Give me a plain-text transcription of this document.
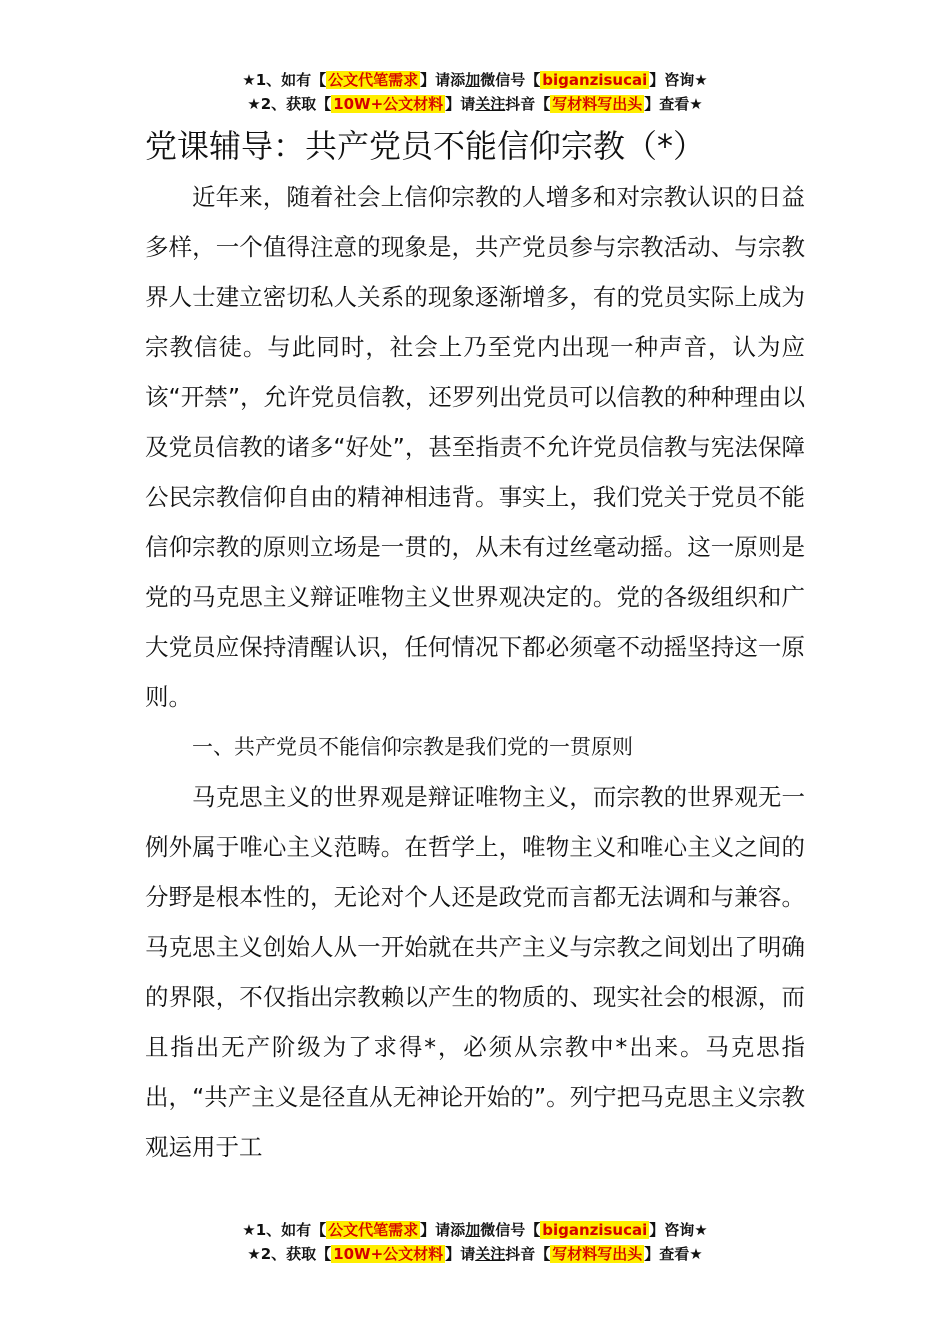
★1、如有【 公文代笔需求 】请添加微信号【 biganzisucai 】咨询★
★2、获取【 10W+公文材料 】请关注抖音【 写材料写出头 】查看★
党课辅导：共产党员不能信仰宗教（*）

近年来，随着社会上信仰宗教的人增多和对宗教认识的日益多样，一个值得注意的现象是，共产党员参与宗教活动、与宗教界人士建立密切私人关系的现象逐渐增多，有的党员实际上成为宗教信徒。与此同时，社会上乃至党内出现一种声音，认为应该“开禁”，允许党员信教，还罗列出党员可以信教的种种理由以及党员信教的诸多“好处”，甚至指责不允许党员信教与宪法保障公民宗教信仰自由的精神相违背。事实上，我们党关于党员不能信仰宗教的原则立场是一贯的，从未有过丝毫动摇。这一原则是党的马克思主义辩证唯物主义世界观决定的。党的各级组织和广大党员应保持清醒认识，任何情况下都必须毫不动摇坚持这一原则。

一、共产党员不能信仰宗教是我们党的一贯原则

马克思主义的世界观是辩证唯物主义，而宗教的世界观无一例外属于唯心主义范畴。在哲学上，唯物主义和唯心主义之间的分野是根本性的，无论对个人还是政党而言都无法调和与兼容。马克思主义创始人从一开始就在共产主义与宗教之间划出了明确的界限，不仅指出宗教赖以产生的物质的、现实社会的根源，而且指出无产阶级为了求得*，必须从宗教中*出来。马克思指出，“共产主义是径直从无神论开始的”。列宁把马克思主义宗教观运用于工

★1、如有【 公文代笔需求 】请添加微信号【 biganzisucai 】咨询★
★2、获取【 10W+公文材料 】请关注抖音【 写材料写出头 】查看★
